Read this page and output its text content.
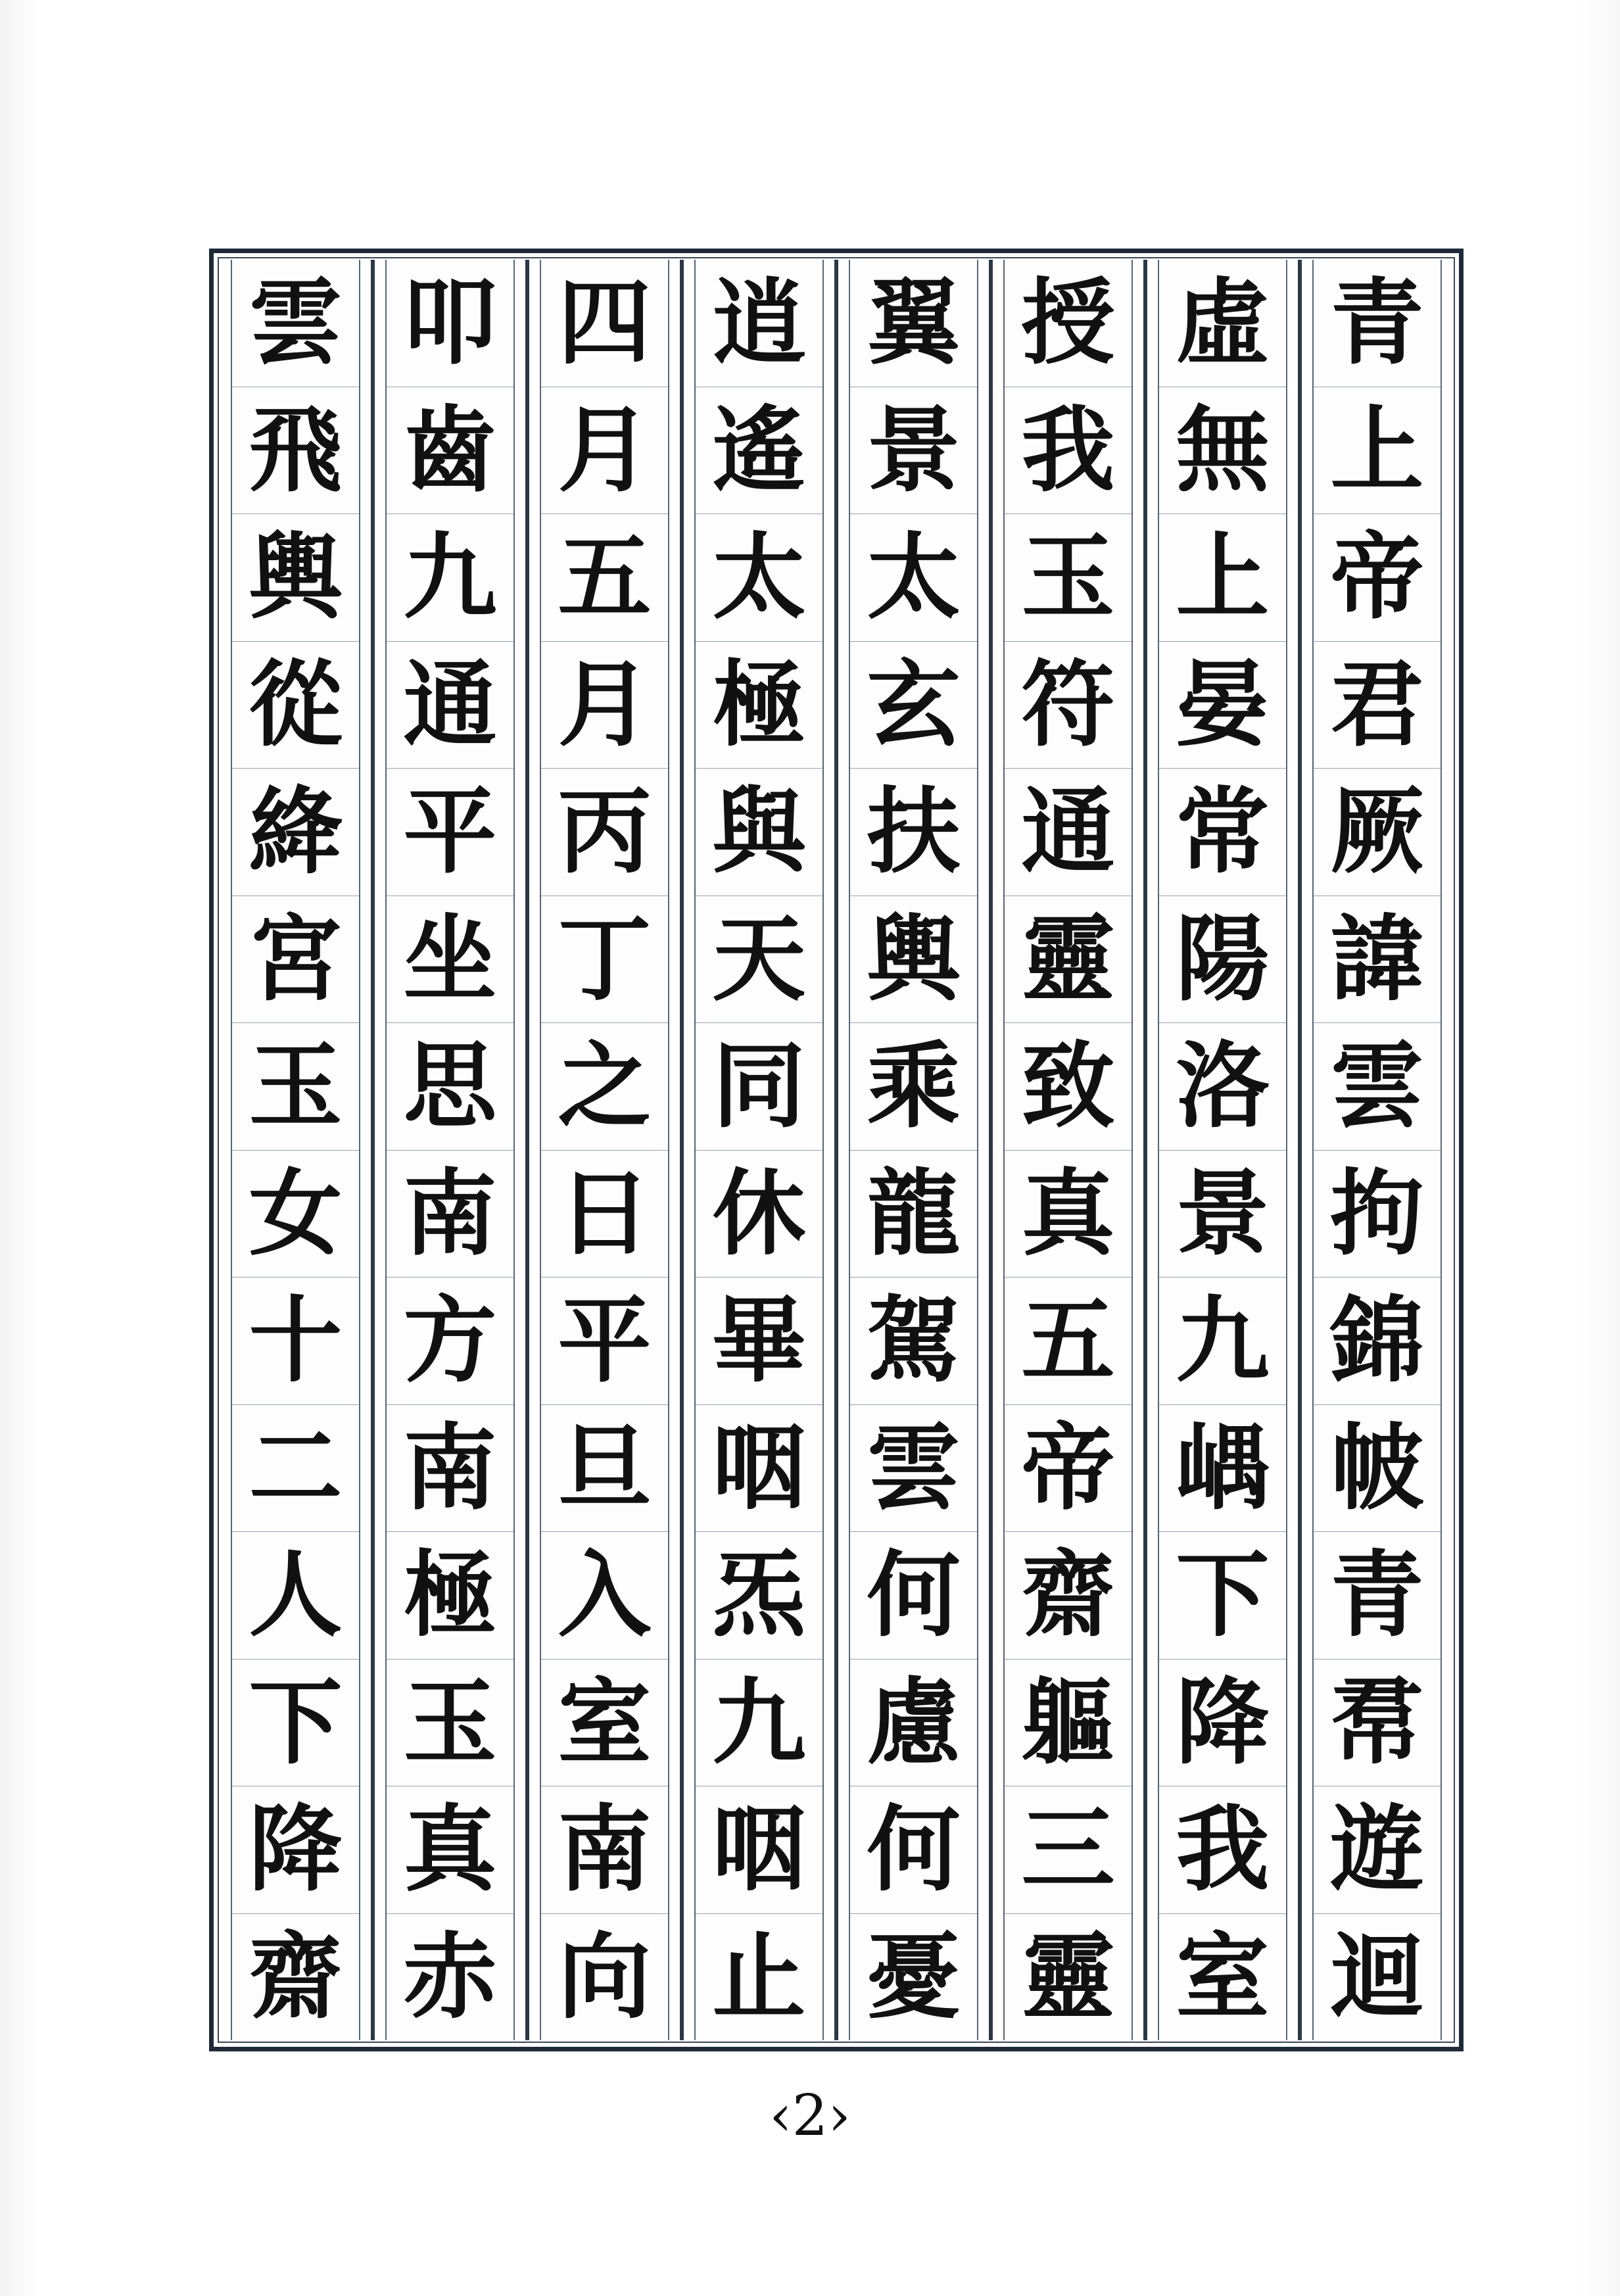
青
上
帝
君
厥
諱
雲
拘
錦
帔
青
帬
遊
迴
虛
無
上
晏
常
陽
洛
景
九
嵎
下
降
我
室
授
我
玉
符
通
靈
致
真
五
帝
齋
軀
三
靈
翼
景
太
玄
扶
輿
乘
龍
駕
雲
何
慮
何
憂
逍
遙
太
極
與
天
同
休
畢
咽
炁
九
咽
止
四
月
五
月
丙
丁
之
日
平
旦
入
室
南
向
叩
齒
九
通
平
坐
思
南
方
南
極
玉
真
赤
雲
飛
輿
從
絳
宮
玉
女
十
二
人
下
降
齋
‹2›
